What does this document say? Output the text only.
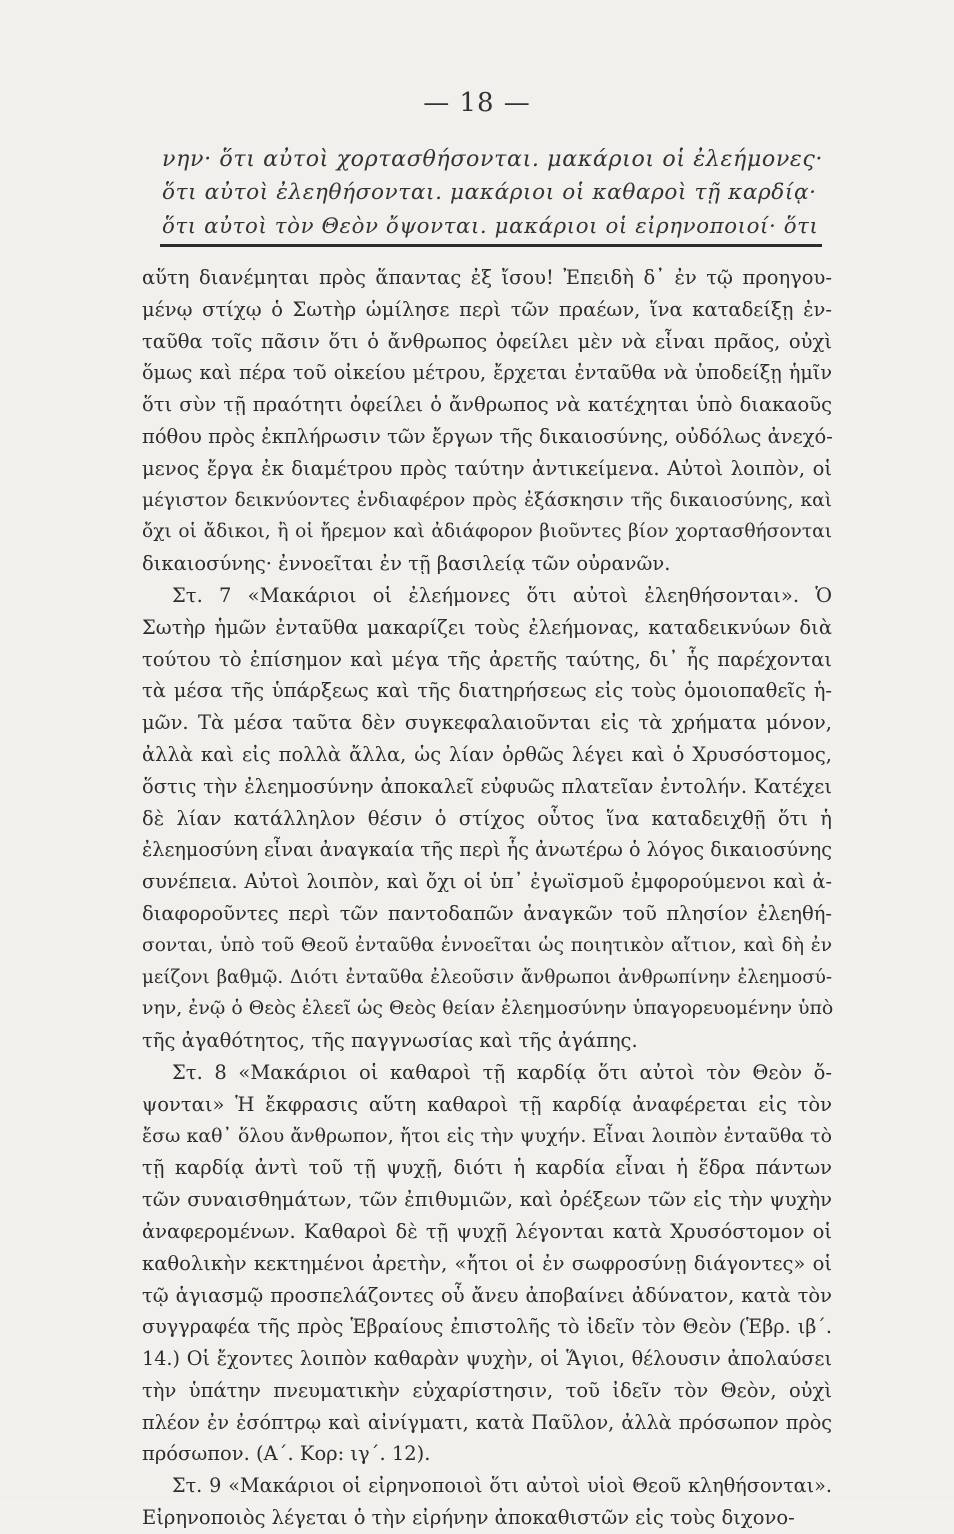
— 18 —
νην· ὅτι αὐτοὶ χορτασθήσονται. μακάριοι οἱ ἐλεήμονες·
ὅτι αὐτοὶ ἐλεηθήσονται. μακάριοι οἱ καθαροὶ τῇ καρδίᾳ·
ὅτι αὐτοὶ τὸν Θεὸν ὄψονται. μακάριοι οἱ εἰρηνοποιοί· ὅτι
αὕτη διανέμηται πρὸς ἅπαντας ἐξ ἴσου! Ἐπειδὴ δ᾽ ἐν τῷ προηγου-
μένῳ στίχῳ ὁ Σωτὴρ ὡμίλησε περὶ τῶν πραέων, ἵνα καταδείξῃ ἐν-
ταῦθα τοῖς πᾶσιν ὅτι ὁ ἄνθρωπος ὀφείλει μὲν νὰ εἶναι πρᾶος, οὐχὶ
ὅμως καὶ πέρα τοῦ οἰκείου μέτρου, ἔρχεται ἐνταῦθα νὰ ὑποδείξῃ ἡμῖν
ὅτι σὺν τῇ πραότητι ὀφείλει ὁ ἄνθρωπος νὰ κατέχηται ὑπὸ διακαοῦς
πόθου πρὸς ἐκπλήρωσιν τῶν ἔργων τῆς δικαιοσύνης, οὐδόλως ἀνεχό-
μενος ἔργα ἐκ διαμέτρου πρὸς ταύτην ἀντικείμενα. Αὐτοὶ λοιπὸν, οἱ
μέγιστον δεικνύοντες ἐνδιαφέρον πρὸς ἐξάσκησιν τῆς δικαιοσύνης, καὶ
ὄχι οἱ ἄδικοι, ἢ οἱ ἤρεμον καὶ ἀδιάφορον βιοῦντες βίον χορτασθήσονται
δικαιοσύνης· ἐννοεῖται ἐν τῇ βασιλείᾳ τῶν οὐρανῶν.
Στ. 7 «Μακάριοι οἱ ἐλεήμονες ὅτι αὐτοὶ ἐλεηθήσονται». Ὁ
Σωτὴρ ἡμῶν ἐνταῦθα μακαρίζει τοὺς ἐλεήμονας, καταδεικνύων διὰ
τούτου τὸ ἐπίσημον καὶ μέγα τῆς ἀρετῆς ταύτης, δι᾽ ἧς παρέχονται
τὰ μέσα τῆς ὑπάρξεως καὶ τῆς διατηρήσεως εἰς τοὺς ὁμοιοπαθεῖς ἡ-
μῶν. Τὰ μέσα ταῦτα δὲν συγκεφαλαιοῦνται εἰς τὰ χρήματα μόνον,
ἀλλὰ καὶ εἰς πολλὰ ἄλλα, ὡς λίαν ὀρθῶς λέγει καὶ ὁ Χρυσόστομος,
ὅστις τὴν ἐλεημοσύνην ἀποκαλεῖ εὐφυῶς πλατεῖαν ἐντολήν. Κατέχει
δὲ λίαν κατάλληλον θέσιν ὁ στίχος οὗτος ἵνα καταδειχθῇ ὅτι ἡ
ἐλεημοσύνη εἶναι ἀναγκαία τῆς περὶ ἧς ἀνωτέρω ὁ λόγος δικαιοσύνης
συνέπεια. Αὐτοὶ λοιπὸν, καὶ ὄχι οἱ ὑπ᾽ ἐγωϊσμοῦ ἐμφορούμενοι καὶ ἀ-
διαφοροῦντες περὶ τῶν παντοδαπῶν ἀναγκῶν τοῦ πλησίον ἐλεηθή-
σονται, ὑπὸ τοῦ Θεοῦ ἐνταῦθα ἐννοεῖται ὡς ποιητικὸν αἴτιον, καὶ δὴ ἐν
μείζονι βαθμῷ. Διότι ἐνταῦθα ἐλεοῦσιν ἄνθρωποι ἀνθρωπίνην ἐλεημοσύ-
νην, ἐνῷ ὁ Θεὸς ἐλεεῖ ὡς Θεὸς θείαν ἐλεημοσύνην ὑπαγορευομένην ὑπὸ
τῆς ἀγαθότητος, τῆς παγγνωσίας καὶ τῆς ἀγάπης.
Στ. 8 «Μακάριοι οἱ καθαροὶ τῇ καρδίᾳ ὅτι αὐτοὶ τὸν Θεὸν ὄ-
ψονται» Ἡ ἔκφρασις αὕτη καθαροὶ τῇ καρδίᾳ ἀναφέρεται εἰς τὸν
ἔσω καθ᾽ ὅλου ἄνθρωπον, ἤτοι εἰς τὴν ψυχήν. Εἶναι λοιπὸν ἐνταῦθα τὸ
τῇ καρδίᾳ ἀντὶ τοῦ τῇ ψυχῇ, διότι ἡ καρδία εἶναι ἡ ἕδρα πάντων
τῶν συναισθημάτων, τῶν ἐπιθυμιῶν, καὶ ὀρέξεων τῶν εἰς τὴν ψυχὴν
ἀναφερομένων. Καθαροὶ δὲ τῇ ψυχῇ λέγονται κατὰ Χρυσόστομον οἱ
καθολικὴν κεκτημένοι ἀρετὴν, «ἤτοι οἱ ἐν σωφροσύνῃ διάγοντες» οἱ
τῷ ἁγιασμῷ προσπελάζοντες οὗ ἄνευ ἀποβαίνει ἀδύνατον, κατὰ τὸν
συγγραφέα τῆς πρὸς Ἑβραίους ἐπιστολῆς τὸ ἰδεῖν τὸν Θεὸν (Ἑβρ. ιβ΄.
14.) Οἱ ἔχοντες λοιπὸν καθαρὰν ψυχὴν, οἱ Ἅγιοι, θέλουσιν ἀπολαύσει
τὴν ὑπάτην πνευματικὴν εὐχαρίστησιν, τοῦ ἰδεῖν τὸν Θεὸν, οὐχὶ
πλέον ἐν ἐσόπτρῳ καὶ αἰνίγματι, κατὰ Παῦλον, ἀλλὰ πρόσωπον πρὸς
πρόσωπον. (Α΄. Κορ: ιγ΄. 12).
Στ. 9 «Μακάριοι οἱ εἰρηνοποιοὶ ὅτι αὐτοὶ υἱοὶ Θεοῦ κληθήσονται».
Εἰρηνοποιὸς λέγεται ὁ τὴν εἰρήνην ἀποκαθιστῶν εἰς τοὺς διχονο-
